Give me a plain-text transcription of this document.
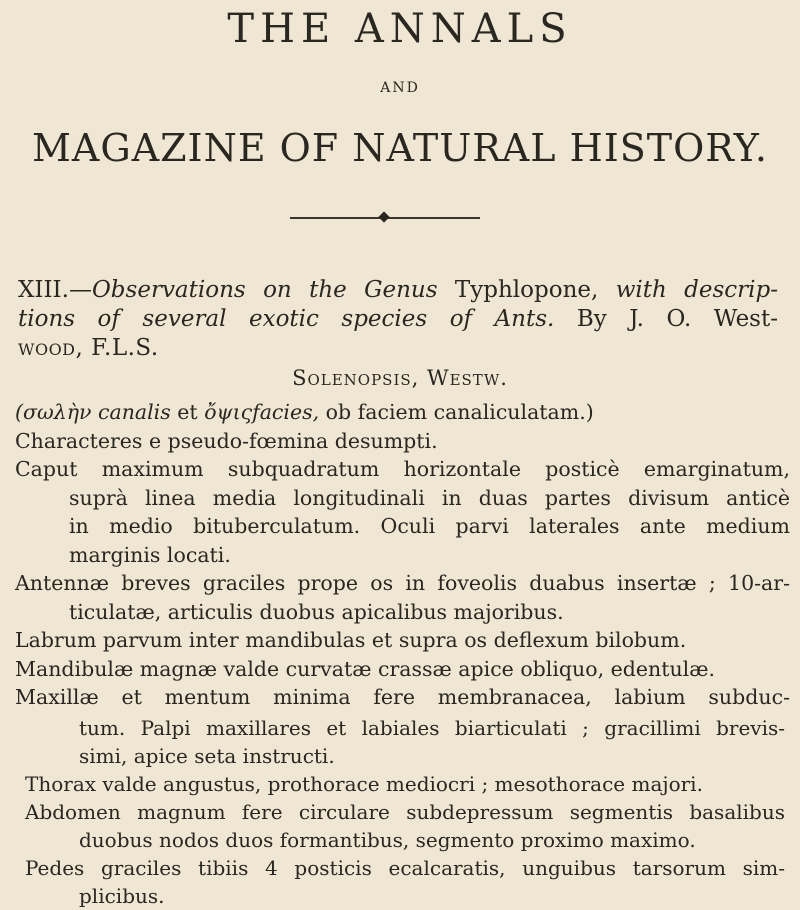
THE ANNALS
AND
MAGAZINE OF NATURAL HISTORY.
XIII.—Observations on the Genus Typhlopone, with descrip-
tions of several exotic species of Ants. By J. O. West-
wood, F.L.S.
Solenopsis, Westw.

(σωλὴν canalis et ὄψιςfacies, ob faciem canaliculatam.)

Characteres e pseudo-fœmina desumpti.

Caput maximum subquadratum horizontale posticè emarginatum,
suprà linea media longitudinali in duas partes divisum anticè
in medio bituberculatum. Oculi parvi laterales ante medium
marginis locati.

Antennæ breves graciles prope os in foveolis duabus insertæ ; 10-ar-
ticulatæ, articulis duobus apicalibus majoribus.

Labrum parvum inter mandibulas et supra os deflexum bilobum.

Mandibulæ magnæ valde curvatæ crassæ apice obliquo, edentulæ.

Maxillæ et mentum minima fere membranacea, labium subduc-

tum. Palpi maxillares et labiales biarticulati ; gracillimi brevis-
simi, apice seta instructi.

Thorax valde angustus, prothorace mediocri ; mesothorace majori.

Abdomen magnum fere circulare subdepressum segmentis basalibus
duobus nodos duos formantibus, segmento proximo maximo.

Pedes graciles tibiis 4 posticis ecalcaratis, unguibus tarsorum sim-
plicibus.
